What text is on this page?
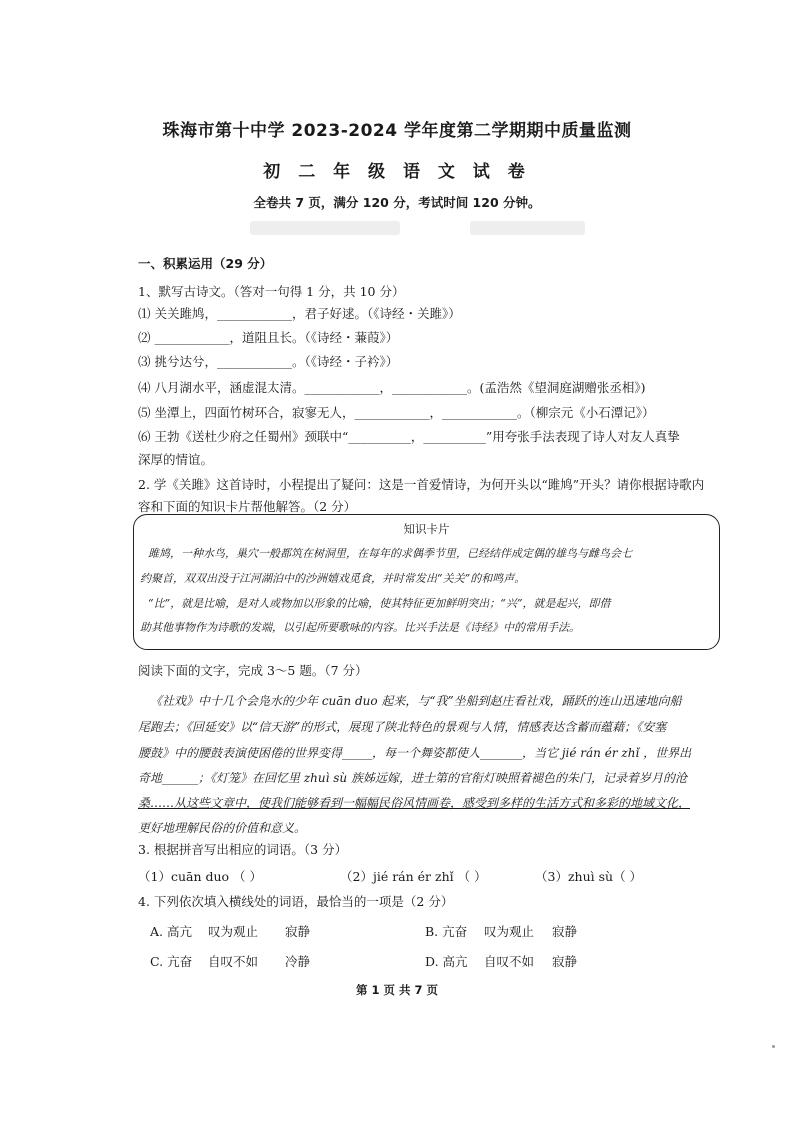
珠海市第十中学 2023-2024 学年度第二学期期中质量监测
初 二 年 级 语 文 试 卷
全卷共 7 页，满分 120 分，考试时间 120 分钟。
一、积累运用（29 分）
1、默写古诗文。（答对一句得 1 分，共 10 分）
⑴ 关关雎鸠，____________，君子好逑。（《诗经・关雎》）
⑵ ____________，道阻且长。（《诗经・蒹葭》）
⑶ 挑兮达兮，____________。（《诗经・子衿》）
⑷ 八月湖水平，涵虚混太清。____________，____________。(孟浩然《望洞庭湖赠张丞相》)
⑸ 坐潭上，四面竹树环合，寂寥无人，____________，____________。（柳宗元《小石潭记》）
⑹ 王勃《送杜少府之任蜀州》颈联中“__________，__________”用夸张手法表现了诗人对友人真挚
深厚的情谊。
2. 学《关雎》这首诗时，小程提出了疑问：这是一首爱情诗，为何开头以“雎鸠”开头？请你根据诗歌内
容和下面的知识卡片帮他解答。（2 分）
知识卡片
雎鸠，一种水鸟，巢穴一般都筑在树洞里，在每年的求偶季节里，已经结伴成定偶的雄鸟与雌鸟会七
约聚首，双双出没于江河湖泊中的沙洲嬉戏觅食，并时常发出“关关”的和鸣声。
“比”，就是比喻，是对人或物加以形象的比喻，使其特征更加鲜明突出；“兴”，就是起兴，即借
助其他事物作为诗歌的发端，以引起所要歌咏的内容。比兴手法是《诗经》中的常用手法。
阅读下面的文字，完成 3～5 题。（7 分）
《社戏》中十几个会凫水的少年 cuān duo 起来，与“我”坐船到赵庄看社戏，踊跃的连山迅速地向船
尾跑去；《回延安》以“信天游”的形式，展现了陕北特色的景观与人情，情感表达含蓄而蕴藉；《安塞
腰鼓》中的腰鼓表演使困倦的世界变得_____，每一个舞姿都使人_______，当它 jié rán ér zhǐ ，世界出
奇地______；《灯笼》在回忆里 zhuì sù 族姊远嫁，进士第的官衔灯映照着褪色的朱门，记录着岁月的沧
桑……从这些文章中，使我们能够看到一幅幅民俗风情画卷，感受到多样的生活方式和多彩的地域文化，
更好地理解民俗的价值和意义。
3. 根据拼音写出相应的词语。（3 分）
（1）cuān duo （ ）	（2）jié rán ér zhǐ （ ）	（3）zhuì sù（ ）
4. 下列依次填入横线处的词语，最恰当的一项是（2 分）
A. 高亢 叹为观止 寂静	B. 亢奋 叹为观止 寂静
C. 亢奋 自叹不如 冷静	D. 高亢 自叹不如 寂静
第 1 页 共 7 页
